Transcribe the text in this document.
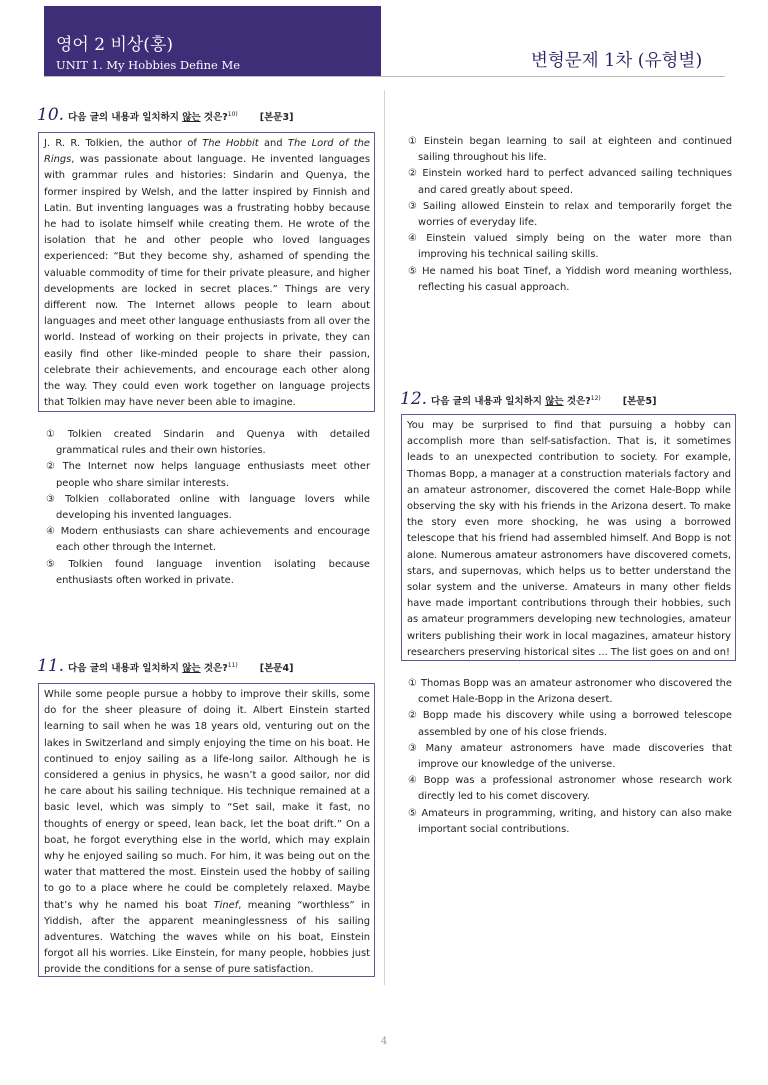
영어 2 비상(홍)
UNIT 1. My Hobbies Define Me	변형문제 1차 (유형별)
10. 다음 글의 내용과 일치하지 않는 것은?$^{10)}$ [본문3]
J. R. R. Tolkien, the author of The Hobbit and The Lord of the Rings, was passionate about language. He invented languages with grammar rules and histories: Sindarin and Quenya, the former inspired by Welsh, and the latter inspired by Finnish and Latin. But inventing languages was a frustrating hobby because he had to isolate himself while creating them. He wrote of the isolation that he and other people who loved languages experienced: “But they become shy, ashamed of spending the valuable commodity of time for their private pleasure, and higher developments are locked in secret places.” Things are very different now. The Internet allows people to learn about languages and meet other language enthusiasts from all over the world. Instead of working on their projects in private, they can easily find other like-minded people to share their passion, celebrate their achievements, and encourage each other along the way. They could even work together on language projects that Tolkien may have never been able to imagine.

① Tolkien created Sindarin and Quenya with detailed grammatical rules and their own histories.

② The Internet now helps language enthusiasts meet other people who share similar interests.

③ Tolkien collaborated online with language lovers while developing his invented languages.

④ Modern enthusiasts can share achievements and encourage each other through the Internet.

⑤ Tolkien found language invention isolating because enthusiasts often worked in private.

11. 다음 글의 내용과 일치하지 않는 것은?$^{11)}$ [본문4]
While some people pursue a hobby to improve their skills, some do for the sheer pleasure of doing it. Albert Einstein started learning to sail when he was 18 years old, venturing out on the lakes in Switzerland and simply enjoying the time on his boat. He continued to enjoy sailing as a life-long sailor. Although he is considered a genius in physics, he wasn’t a good sailor, nor did he care about his sailing technique. His technique remained at a basic level, which was simply to “Set sail, make it fast, no thoughts of energy or speed, lean back, let the boat drift.” On a boat, he forgot everything else in the world, which may explain why he enjoyed sailing so much. For him, it was being out on the water that mattered the most. Einstein used the hobby of sailing to go to a place where he could be completely relaxed. Maybe that’s why he named his boat Tinef, meaning “worthless” in Yiddish, after the apparent meaninglessness of his sailing adventures. Watching the waves while on his boat, Einstein forgot all his worries. Like Einstein, for many people, hobbies just provide the conditions for a sense of pure satisfaction.

① Einstein began learning to sail at eighteen and continued sailing throughout his life.

② Einstein worked hard to perfect advanced sailing techniques and cared greatly about speed.

③ Sailing allowed Einstein to relax and temporarily forget the worries of everyday life.

④ Einstein valued simply being on the water more than improving his technical sailing skills.

⑤ He named his boat Tinef, a Yiddish word meaning worthless, reflecting his casual approach.

12. 다음 글의 내용과 일치하지 않는 것은?$^{12)}$ [본문5]
You may be surprised to find that pursuing a hobby can accomplish more than self-satisfaction. That is, it sometimes leads to an unexpected contribution to society. For example, Thomas Bopp, a manager at a construction materials factory and an amateur astronomer, discovered the comet Hale-Bopp while observing the sky with his friends in the Arizona desert. To make the story even more shocking, he was using a borrowed telescope that his friend had assembled himself. And Bopp is not alone. Numerous amateur astronomers have discovered comets, stars, and supernovas, which helps us to better understand the solar system and the universe. Amateurs in many other fields have made important contributions through their hobbies, such as amateur programmers developing new technologies, amateur writers publishing their work in local magazines, amateur history researchers preserving historical sites ... The list goes on and on!

① Thomas Bopp was an amateur astronomer who discovered the comet Hale-Bopp in the Arizona desert.

② Bopp made his discovery while using a borrowed telescope assembled by one of his close friends.

③ Many amateur astronomers have made discoveries that improve our knowledge of the universe.

④ Bopp was a professional astronomer whose research work directly led to his comet discovery.

⑤ Amateurs in programming, writing, and history can also make important social contributions.

4
